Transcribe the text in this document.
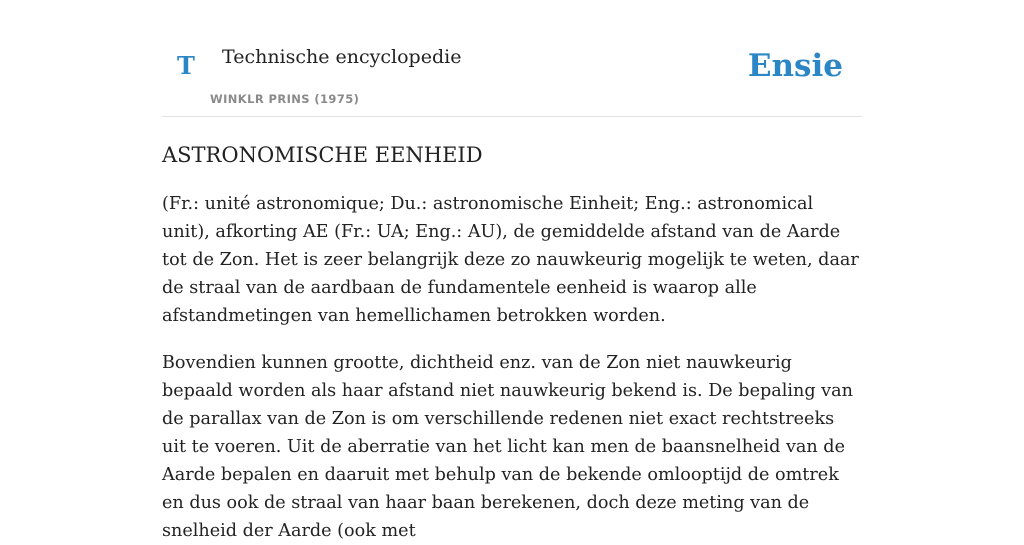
T Technische encyclopedie
WINKLR PRINS (1975)
Ensie
ASTRONOMISCHE EENHEID

(Fr.: unité astronomique; Du.: astronomische Einheit; Eng.: astronomical unit), afkorting AE (Fr.: UA; Eng.: AU), de gemiddelde afstand van de Aarde tot de Zon. Het is zeer belangrijk deze zo nauwkeurig mogelijk te weten, daar de straal van de aardbaan de fundamentele eenheid is waarop alle afstandmetingen van hemellichamen betrokken worden.

Bovendien kunnen grootte, dichtheid enz. van de Zon niet nauwkeurig bepaald worden als haar afstand niet nauwkeurig bekend is. De bepaling van de parallax van de Zon is om verschillende redenen niet exact rechtstreeks uit te voeren. Uit de aberratie van het licht kan men de baansnelheid van de Aarde bepalen en daaruit met behulp van de bekende omlooptijd de omtrek en dus ook de straal van haar baan berekenen, doch deze meting van de snelheid der Aarde (ook met
